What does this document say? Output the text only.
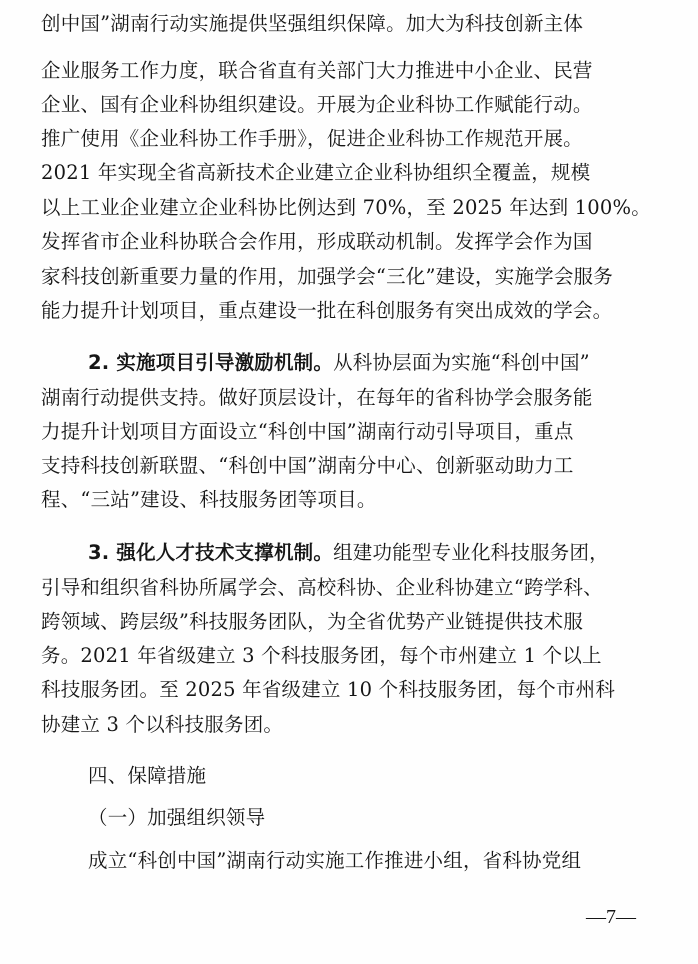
创中国”湖南行动实施提供坚强组织保障。加大为科技创新主体
企业服务工作力度，联合省直有关部门大力推进中小企业、民营
企业、国有企业科协组织建设。开展为企业科协工作赋能行动。
推广使用《企业科协工作手册》，促进企业科协工作规范开展。
2021 年实现全省高新技术企业建立企业科协组织全覆盖，规模
以上工业企业建立企业科协比例达到 70%，至 2025 年达到 100%。
发挥省市企业科协联合会作用，形成联动机制。发挥学会作为国
家科技创新重要力量的作用，加强学会“三化”建设，实施学会服务
能力提升计划项目，重点建设一批在科创服务有突出成效的学会。
2. 实施项目引导激励机制。从科协层面为实施“科创中国”
湖南行动提供支持。做好顶层设计，在每年的省科协学会服务能
力提升计划项目方面设立“科创中国”湖南行动引导项目，重点
支持科技创新联盟、“科创中国”湖南分中心、创新驱动助力工
程、“三站”建设、科技服务团等项目。
3. 强化人才技术支撑机制。组建功能型专业化科技服务团，
引导和组织省科协所属学会、高校科协、企业科协建立“跨学科、
跨领域、跨层级”科技服务团队，为全省优势产业链提供技术服
务。2021 年省级建立 3 个科技服务团，每个市州建立 1 个以上
科技服务团。至 2025 年省级建立 10 个科技服务团，每个市州科
协建立 3 个以科技服务团。
四、保障措施
（一）加强组织领导
成立“科创中国”湖南行动实施工作推进小组，省科协党组
—7—
